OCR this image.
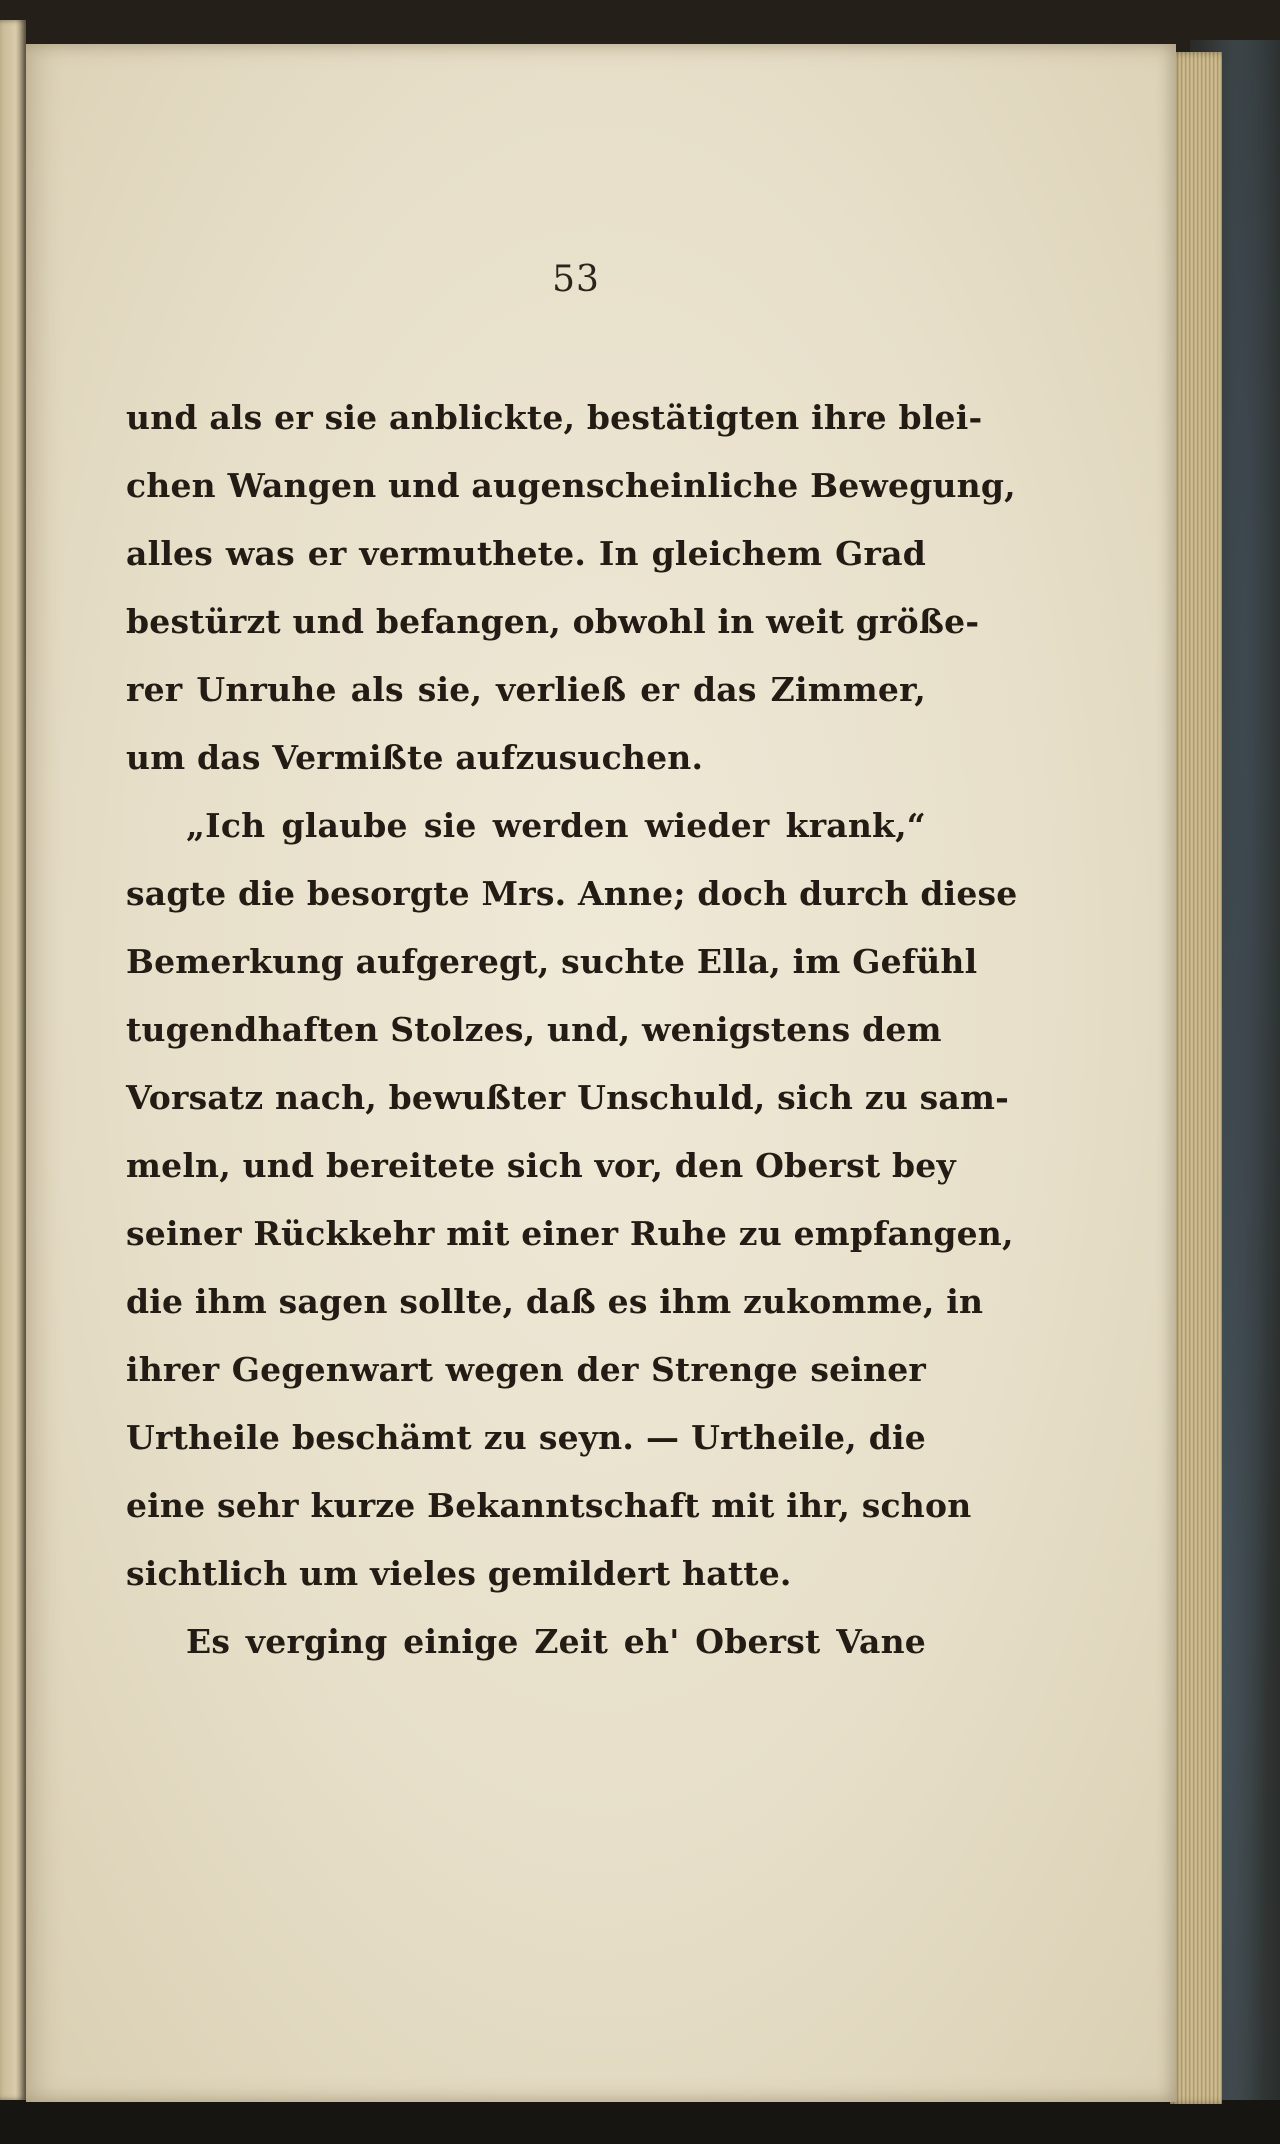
53
und als er sie anblickte, bestätigten ihre blei-
chen Wangen und augenscheinliche Bewegung,
alles was er vermuthete. In gleichem Grad
bestürzt und befangen, obwohl in weit größe-
rer Unruhe als sie, verließ er das Zimmer,
um das Vermißte aufzusuchen.
„Ich glaube sie werden wieder krank,“
sagte die besorgte Mrs. Anne; doch durch diese
Bemerkung aufgeregt, suchte Ella, im Gefühl
tugendhaften Stolzes, und, wenigstens dem
Vorsatz nach, bewußter Unschuld, sich zu sam-
meln, und bereitete sich vor, den Oberst bey
seiner Rückkehr mit einer Ruhe zu empfangen,
die ihm sagen sollte, daß es ihm zukomme, in
ihrer Gegenwart wegen der Strenge seiner
Urtheile beschämt zu seyn. — Urtheile, die
eine sehr kurze Bekanntschaft mit ihr, schon
sichtlich um vieles gemildert hatte.
Es verging einige Zeit eh' Oberst Vane
